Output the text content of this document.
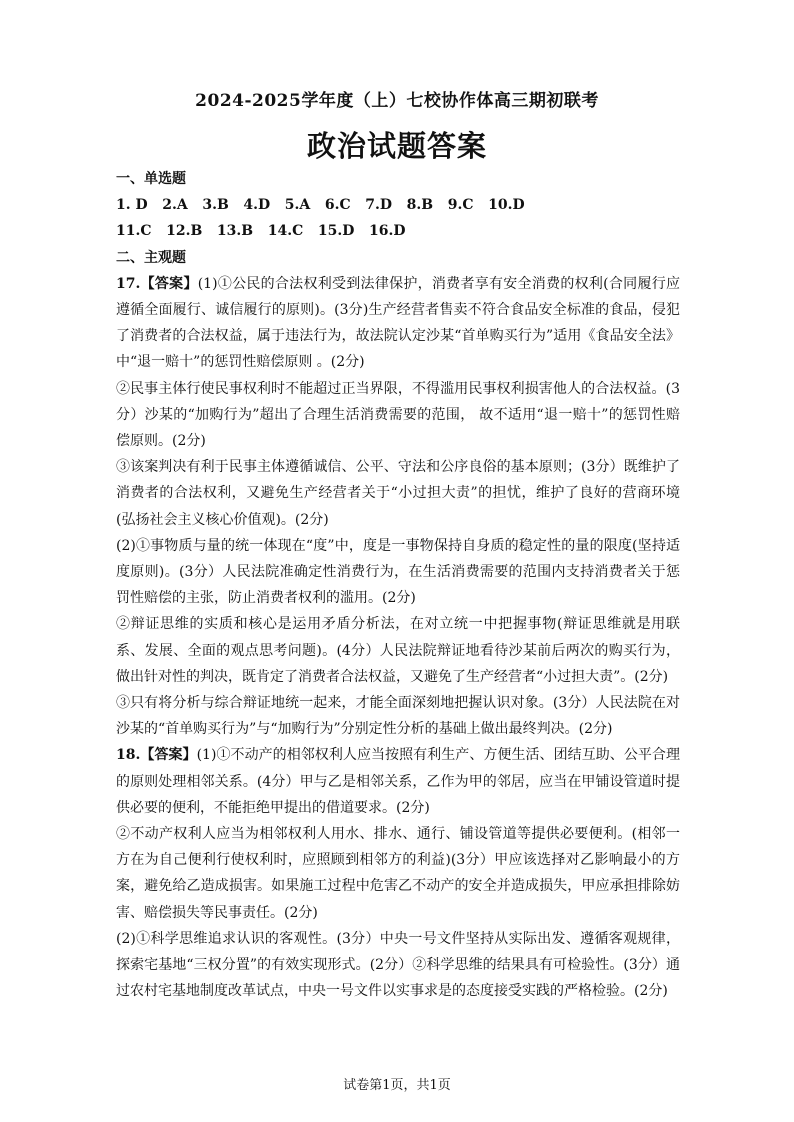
2024-2025学年度（上）七校协作体高三期初联考
政治试题答案

一、单选题

1. D   2.A   3.B   4.D   5.A   6.C   7.D   8.B   9.C   10.D

11.C   12.B   13.B   14.C   15.D   16.D

二、主观题

17.【答案】(1)①公民的合法权利受到法律保护，消费者享有安全消费的权利(合同履行应遵循全面履行、诚信履行的原则)。(3分)生产经营者售卖不符合食品安全标准的食品，侵犯了消费者的合法权益，属于违法行为，故法院认定沙某“首单购买行为”适用《食品安全法》中“退一赔十”的惩罚性赔偿原则 。(2分)

②民事主体行使民事权利时不能超过正当界限，不得滥用民事权利损害他人的合法权益。(3分）沙某的“加购行为”超出了合理生活消费需要的范围， 故不适用“退一赔十”的惩罚性赔偿原则。(2分)

③该案判决有利于民事主体遵循诚信、公平、守法和公序良俗的基本原则；(3分）既维护了消费者的合法权利，又避免生产经营者关于“小过担大责”的担忧，维护了良好的营商环境(弘扬社会主义核心价值观)。(2分)

(2)①事物质与量的统一体现在“度”中，度是一事物保持自身质的稳定性的量的限度(坚持适度原则)。(3分）人民法院准确定性消费行为，在生活消费需要的范围内支持消费者关于惩罚性赔偿的主张，防止消费者权利的滥用。(2分)

②辩证思维的实质和核心是运用矛盾分析法，在对立统一中把握事物(辩证思维就是用联系、发展、全面的观点思考问题)。(4分）人民法院辩证地看待沙某前后两次的购买行为，做出针对性的判决，既肯定了消费者合法权益，又避免了生产经营者“小过担大责”。(2分)

③只有将分析与综合辩证地统一起来，才能全面深刻地把握认识对象。(3分）人民法院在对沙某的“首单购买行为”与“加购行为”分别定性分析的基础上做出最终判决。(2分)

18.【答案】(1)①不动产的相邻权利人应当按照有利生产、方便生活、团结互助、公平合理的原则处理相邻关系。(4分）甲与乙是相邻关系，乙作为甲的邻居，应当在甲铺设管道时提供必要的便利，不能拒绝甲提出的借道要求。(2分)

②不动产权利人应当为相邻权利人用水、排水、通行、铺设管道等提供必要便利。(相邻一方在为自己便利行使权利时，应照顾到相邻方的利益)(3分）甲应该选择对乙影响最小的方案，避免给乙造成损害。如果施工过程中危害乙不动产的安全并造成损失，甲应承担排除妨害、赔偿损失等民事责任。(2分)

(2)①科学思维追求认识的客观性。(3分）中央一号文件坚持从实际出发、遵循客观规律，探索宅基地“三权分置”的有效实现形式。(2分）②科学思维的结果具有可检验性。(3分）通过农村宅基地制度改革试点，中央一号文件以实事求是的态度接受实践的严格检验。(2分)

试卷第1页，共1页
